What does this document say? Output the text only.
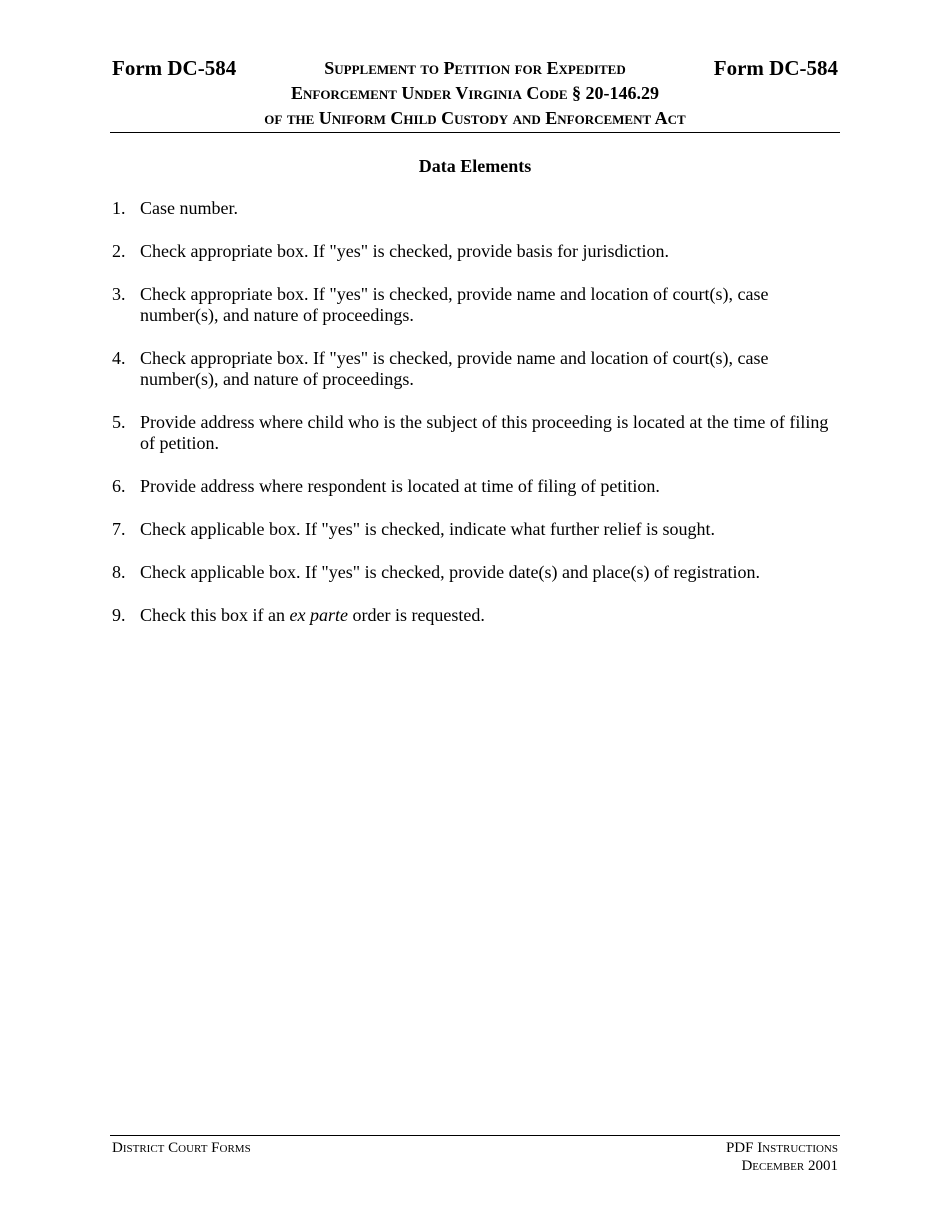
Form DC-584	Supplement to Petition for Expedited	Form DC-584
Enforcement Under Virginia Code § 20-146.29
of the Uniform Child Custody and Enforcement Act
Data Elements
1. Case number.
2. Check appropriate box. If "yes" is checked, provide basis for jurisdiction.
3. Check appropriate box. If "yes" is checked, provide name and location of court(s), case number(s), and nature of proceedings.
4. Check appropriate box. If "yes" is checked, provide name and location of court(s), case number(s), and nature of proceedings.
5. Provide address where child who is the subject of this proceeding is located at the time of filing of petition.
6. Provide address where respondent is located at time of filing of petition.
7. Check applicable box. If "yes" is checked, indicate what further relief is sought.
8. Check applicable box. If "yes" is checked, provide date(s) and place(s) of registration.
9. Check this box if an ex parte order is requested.
District Court Forms	PDF Instructions
December 2001
